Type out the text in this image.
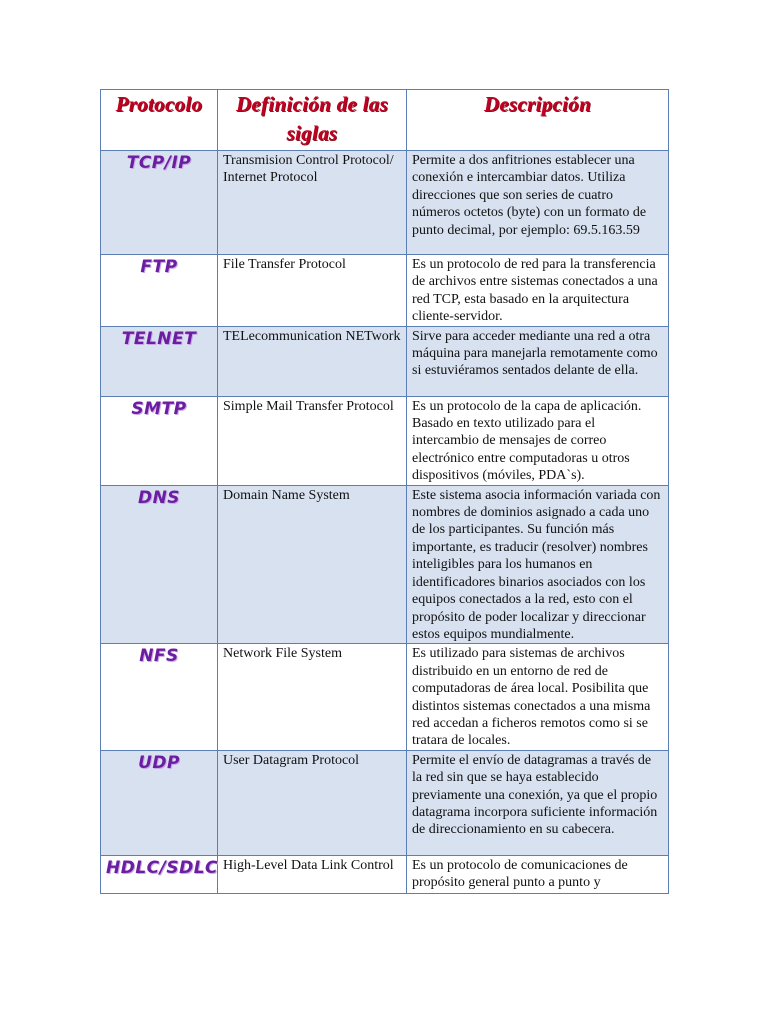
Protocolo	Definición de las siglas	Descripción
TCP/IP	Transmision Control Protocol/ Internet Protocol	Permite a dos anfitriones establecer una conexión e intercambiar datos. Utiliza direcciones que son series de cuatro números octetos (byte) con un formato de punto decimal, por ejemplo: 69.5.163.59
FTP	File Transfer Protocol	Es un protocolo de red para la transferencia de archivos entre sistemas conectados a una red TCP, esta basado en la arquitectura cliente-servidor.
TELNET	TELecommunication NETwork	Sirve para acceder mediante una red a otra máquina para manejarla remotamente como si estuviéramos sentados delante de ella.
SMTP	Simple Mail Transfer Protocol	Es un protocolo de la capa de aplicación. Basado en texto utilizado para el intercambio de mensajes de correo electrónico entre computadoras u otros dispositivos (móviles, PDA`s).
DNS	Domain Name System	Este sistema asocia información variada con nombres de dominios asignado a cada uno de los participantes. Su función más importante, es traducir (resolver) nombres inteligibles para los humanos en identificadores binarios asociados con los equipos conectados a la red, esto con el propósito de poder localizar y direccionar estos equipos mundialmente.
NFS	Network File System	Es utilizado para sistemas de archivos distribuido en un entorno de red de computadoras de área local. Posibilita que distintos sistemas conectados a una misma red accedan a ficheros remotos como si se tratara de locales.
UDP	User Datagram Protocol	Permite el envío de datagramas a través de la red sin que se haya establecido previamente una conexión, ya que el propio datagrama incorpora suficiente información de direccionamiento en su cabecera.
HDLC/SDLC	High-Level Data Link Control	Es un protocolo de comunicaciones de propósito general punto a punto y
